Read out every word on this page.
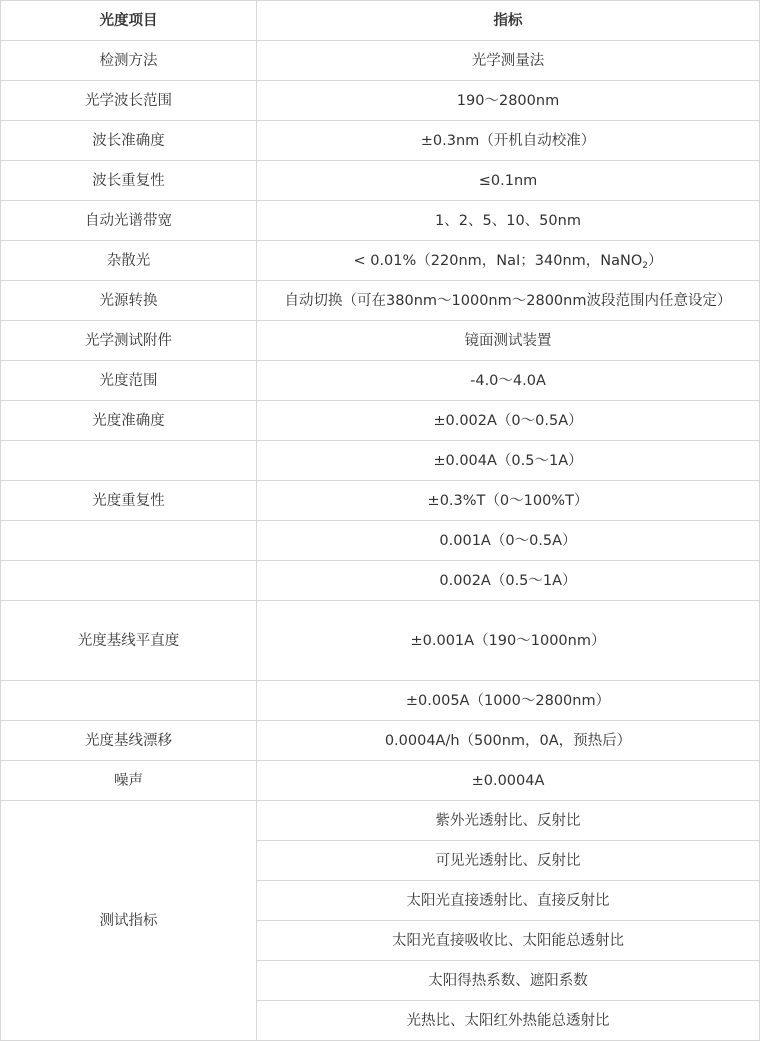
光度项目	指标
检测方法	光学测量法
光学波长范围	190～2800nm
波长准确度	±0.3nm（开机自动校准）
波长重复性	≤0.1nm
自动光谱带宽	1、2、5、10、50nm
杂散光	< 0.01%（220nm，NaI；340nm，NaNO$_2$）
光源转换	自动切换（可在380nm～1000nm～2800nm波段范围内任意设定）
光学测试附件	镜面测试装置
光度范围	-4.0～4.0A
光度准确度	±0.002A（0～0.5A）
	±0.004A（0.5～1A）
光度重复性	±0.3%T（0～100%T）
	0.001A（0～0.5A）
	0.002A（0.5～1A）
光度基线平直度	±0.001A（190～1000nm）
	±0.005A（1000～2800nm）
光度基线漂移	0.0004A/h（500nm，0A，预热后）
噪声	±0.0004A
测试指标	紫外光透射比、反射比
	可见光透射比、反射比
	太阳光直接透射比、直接反射比
	太阳光直接吸收比、太阳能总透射比
	太阳得热系数、遮阳系数
	光热比、太阳红外热能总透射比
